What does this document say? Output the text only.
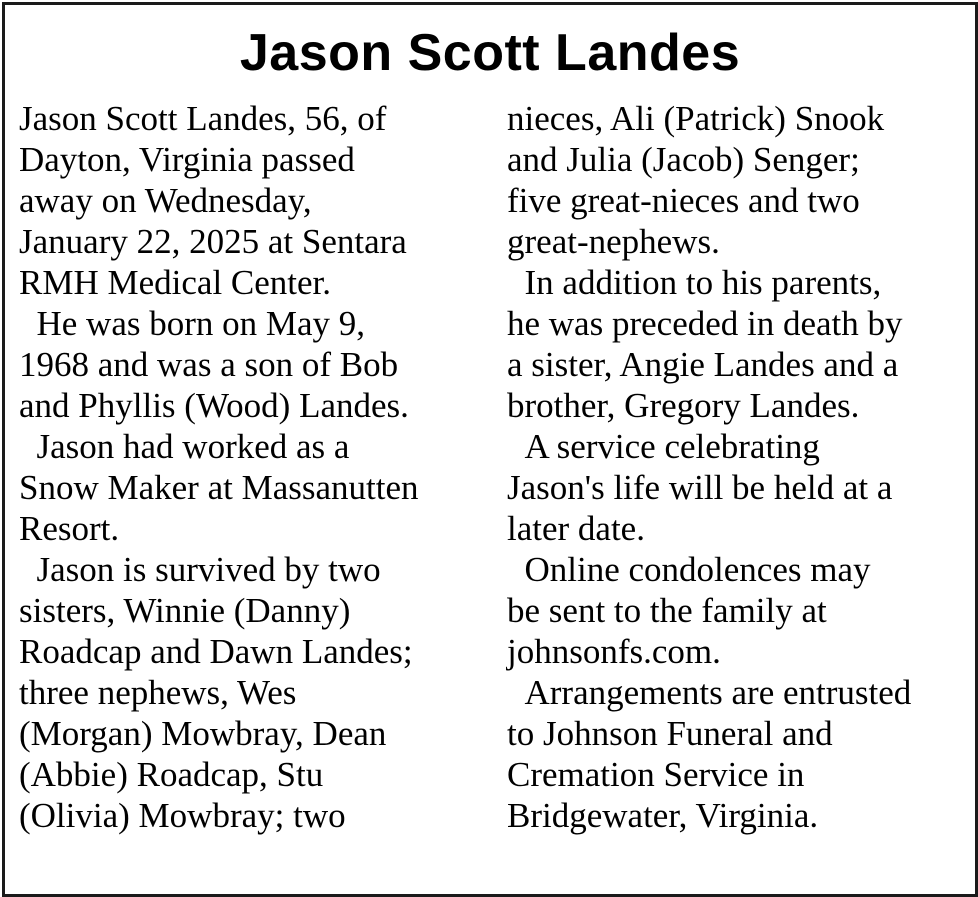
Jason Scott Landes
Jason Scott Landes, 56, of
Dayton, Virginia passed
away on Wednesday,
January 22, 2025 at Sentara
RMH Medical Center.
He was born on May 9,
1968 and was a son of Bob
and Phyllis (Wood) Landes.
Jason had worked as a
Snow Maker at Massanutten
Resort.
Jason is survived by two
sisters, Winnie (Danny)
Roadcap and Dawn Landes;
three nephews, Wes
(Morgan) Mowbray, Dean
(Abbie) Roadcap, Stu
(Olivia) Mowbray; two
nieces, Ali (Patrick) Snook
and Julia (Jacob) Senger;
five great-nieces and two
great-nephews.
In addition to his parents,
he was preceded in death by
a sister, Angie Landes and a
brother, Gregory Landes.
A service celebrating
Jason's life will be held at a
later date.
Online condolences may
be sent to the family at
johnsonfs.com.
Arrangements are entrusted
to Johnson Funeral and
Cremation Service in
Bridgewater, Virginia.
